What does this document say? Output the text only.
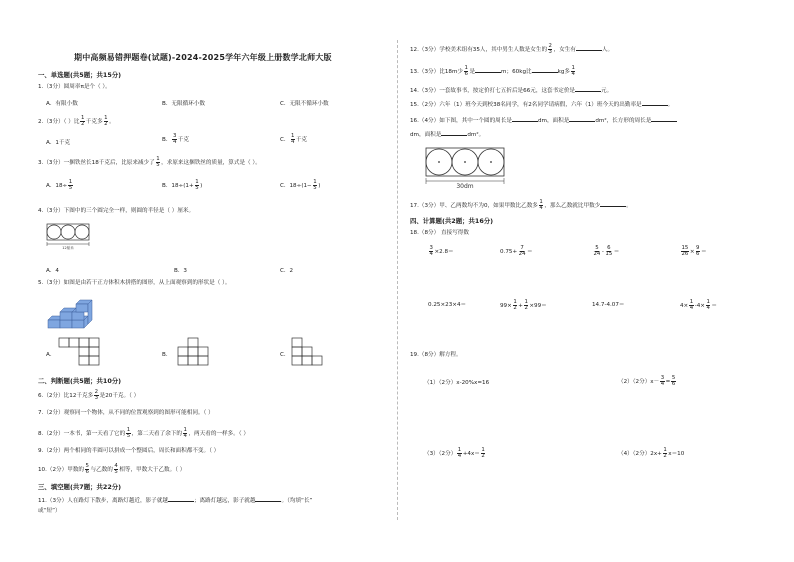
期中高频易错押题卷(试题)-2024-2025学年六年级上册数学北师大版
一、单选题(共5题；共15分)
1.（3分）圆周率π是个（ ）。
A．有限小数	B．无限循环小数	C．无限不循环小数
2.（3分）（ ）比 $\frac{1}{2}$ 千克多 $\frac{1}{2}$ 。
A．1千克	B． $\frac{3}{4}$ 千克	C． $\frac{1}{4}$ 千克
3.（3分）一捆铁丝长18千克后，比原来减少了 $\frac{1}{5}$ ，求原来这捆铁丝的质量，算式是（ ）。
A．$18\div \frac{1}{5}$	B．$18\div(1+ \frac{1}{5}$ )	C．$18\div(1- \frac{1}{5}$ )
4.（3分）下图中的三个圆完全一样，则圆的半径是（ ）厘米。
12厘米
A．4	B．3	C．2
5.（3分）如图是由若干正方体积木拼搭的图形，从上面观察到的形状是（ ）。
A．	B．	C．
二、判断题(共5题；共10分)
6.（2分）比12千克多 $\frac{2}{3}$ 是20千克。（ ）
7.（2分）观察同一个物体，从不同的位置观察到的图形可能相同。（ ）
8.（2分）一本书，第一天看了它的 $\frac{1}{5}$ ，第二天看了余下的 $\frac{1}{4}$ ，两天看的一样多。（ ）
9.（2分）两个相同的半圆可以拼成一个整圆后，周长和面积都不变。（ ）
10.（2分）甲数的 $\frac{5}{6}$ 与乙数的 $\frac{4}{5}$ 相等，甲数大于乙数。（ ）
三、填空题(共7题；共22分)
11.（3分）人在路灯下散步，离路灯越近，影子就越	；离路灯越远，影子就越	。（均填“长”
或“短”）
12.（3分）学校美术组有35人，其中男生人数是女生的 $\frac{2}{3}$ ，女生有	人。
13.（3分）比18m少 $\frac{1}{6}$ 是	m；60kg比	kg多 $\frac{1}{4}$
14.（3分）一套故事书，按定价打七五折后是66元，这套书定价是	元。
15.（2分）六年（1）班今天到校38名同学，有2名同学请病假，六年（1）班今天的出勤率是	。
16.（4分）如下图，其中一个圆的周长是	dm，面积是	dm²，长方形的周长是
dm，面积是	dm²。
30dm
17.（3分）甲、乙两数均不为0，如果甲数比乙数多 $\frac{1}{4}$ ，那么乙数就比甲数少	。
四、计算题(共2题；共16分)
18.（8分） 直接写得数
$\frac{3}{4} \times 2.8=$	$0.75+ \frac{7}{24}$ ＝	$\frac{5}{24} - \frac{6}{15}$ ＝	$\frac{15}{26} \times \frac{9}{6}$ ＝
0.25×23×4＝	$99\times \frac{1}{2} + \frac{1}{2} \times 99=$	14.7-4.07＝	$4\times \frac{1}{4} -4\times \frac{1}{4}$ ＝
19.（8分）解方程。
（1）（2分）x-20%x=16	（2）（2分）$x- \frac{3}{4} = \frac{5}{6}$
（3）（2分） $\frac{1}{4} +4x= \frac{1}{2}$	（4）（2分）$2x+ \frac{1}{2} x=10$
